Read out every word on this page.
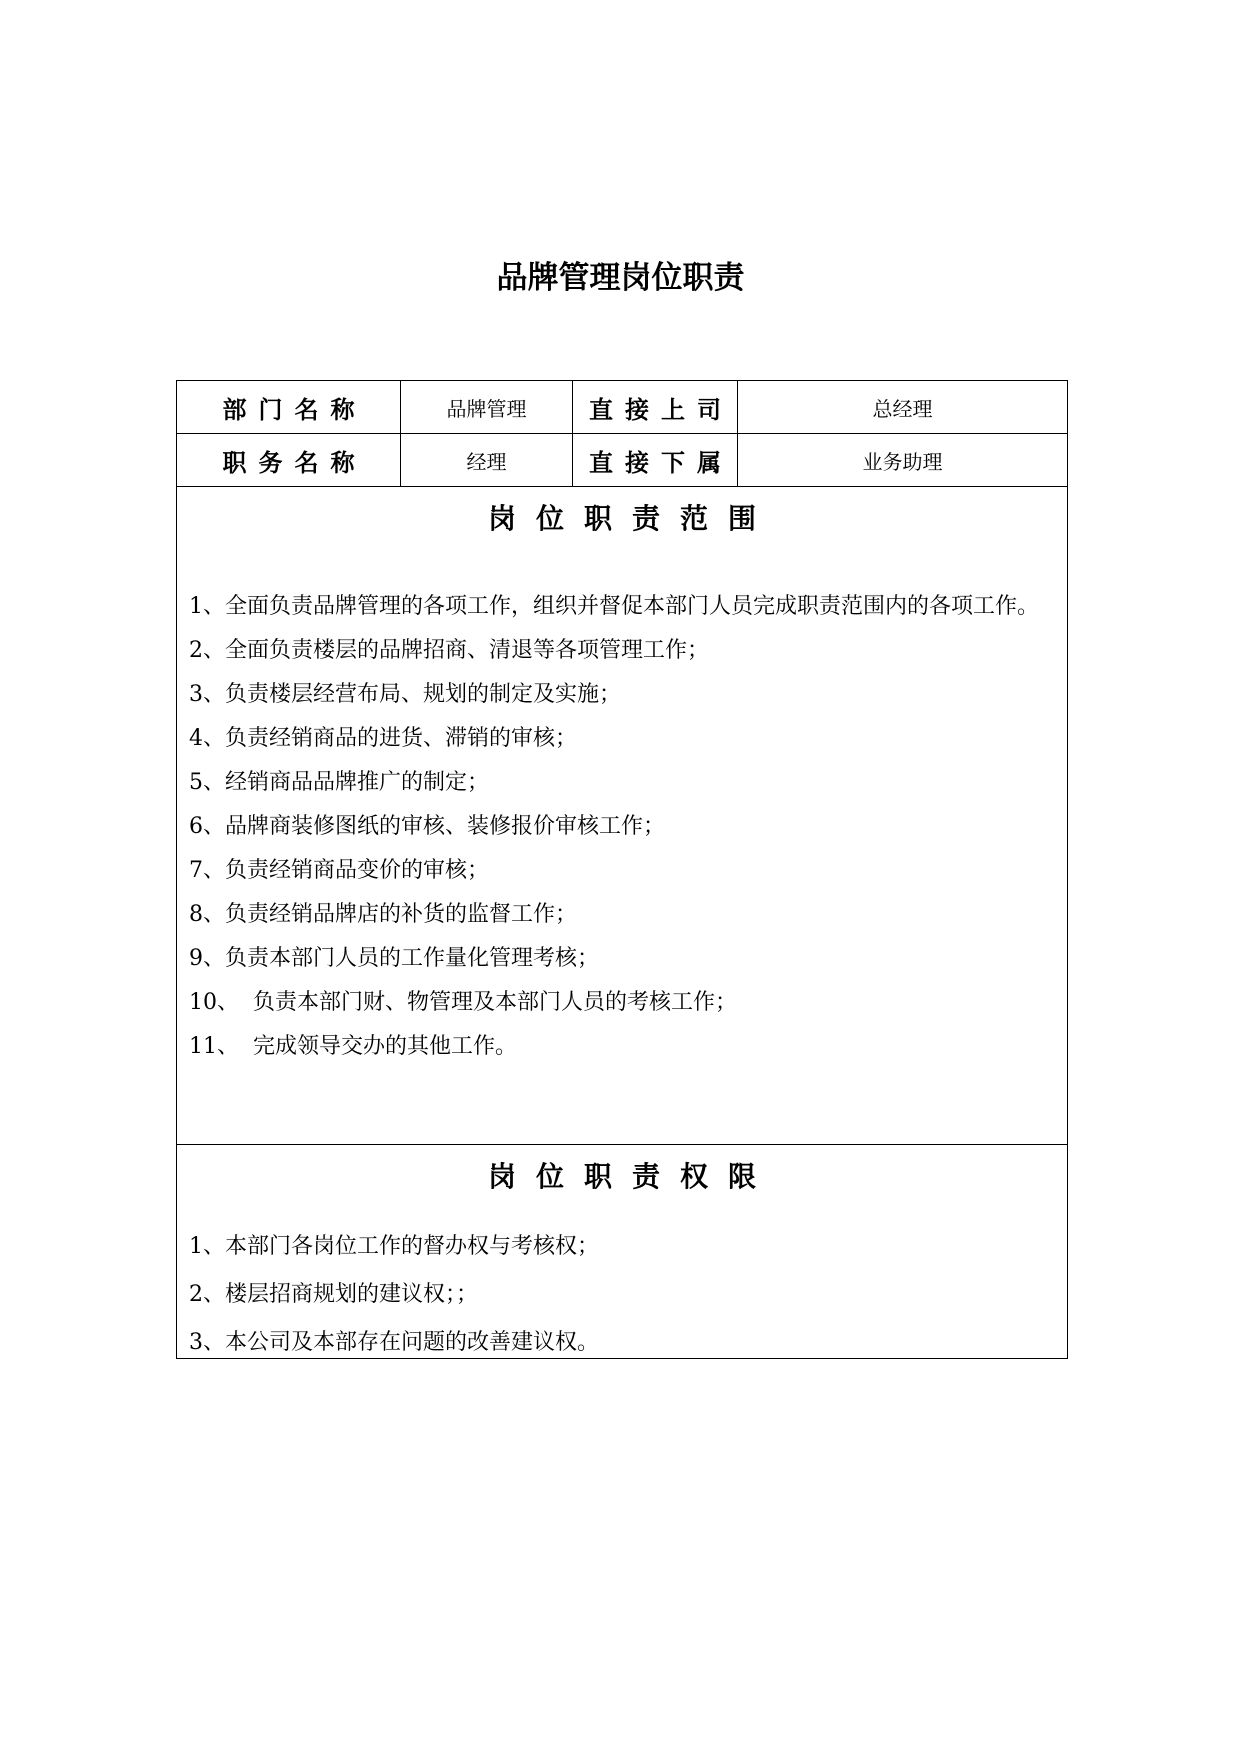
品牌管理岗位职责
部门名称	品牌管理	直接上司	总经理
职务名称	经理	直接下属	业务助理
岗位职责范围
1、 全面负责品牌管理的各项工作，组织并督促本部门人员完成职责范围内的各项工作。
2、 全面负责楼层的品牌招商、清退等各项管理工作；
3、 负责楼层经营布局、规划的制定及实施；
4、 负责经销商品的进货、滞销的审核；
5、 经销商品品牌推广的制定；
6、 品牌商装修图纸的审核、装修报价审核工作；
7、 负责经销商品变价的审核；
8、 负责经销品牌店的补货的监督工作；
9、 负责本部门人员的工作量化管理考核；
10、 负责本部门财、物管理及本部门人员的考核工作；
11、 完成领导交办的其他工作。
岗位职责权限
1、本部门各岗位工作的督办权与考核权；
2、楼层招商规划的建议权；；
3、本公司及本部存在问题的改善建议权。
